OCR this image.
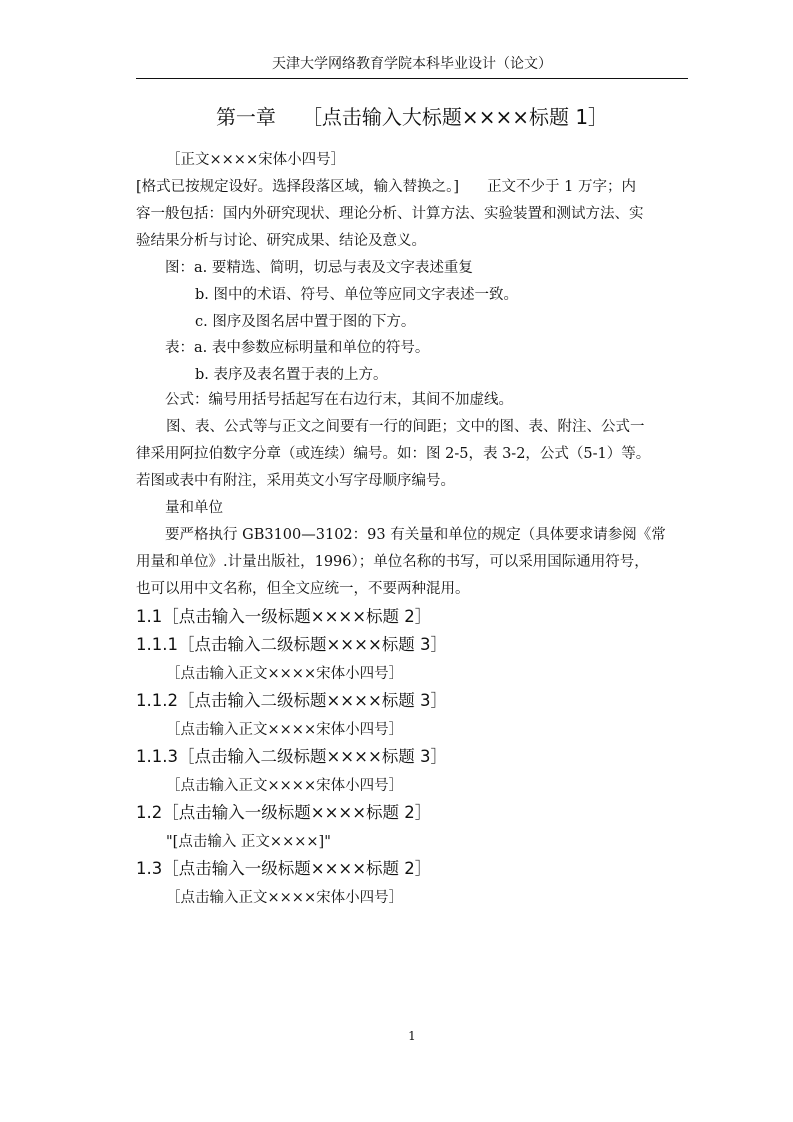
天津大学网络教育学院本科毕业设计（论文）
第一章 ［点击输入大标题××××标题 1］
［正文××××宋体小四号］
[格式已按规定设好。选择段落区域，输入替换之。] 正文不少于 1 万字；内
容一般包括：国内外研究现状、理论分析、计算方法、实验装置和测试方法、实
验结果分析与讨论、研究成果、结论及意义。
图：a. 要精选、简明，切忌与表及文字表述重复
b. 图中的术语、符号、单位等应同文字表述一致。
c. 图序及图名居中置于图的下方。
表：a. 表中参数应标明量和单位的符号。
b. 表序及表名置于表的上方。
公式：编号用括号括起写在右边行末，其间不加虚线。
图、表、公式等与正文之间要有一行的间距；文中的图、表、附注、公式一
律采用阿拉伯数字分章（或连续）编号。如：图 2-5，表 3-2，公式（5-1）等。
若图或表中有附注，采用英文小写字母顺序编号。
量和单位
要严格执行 GB3100—3102：93 有关量和单位的规定（具体要求请参阅《常
用量和单位》.计量出版社，1996）；单位名称的书写，可以采用国际通用符号，
也可以用中文名称，但全文应统一，不要两种混用。
1.1［点击输入一级标题××××标题 2］
1.1.1［点击输入二级标题××××标题 3］
［点击输入正文××××宋体小四号］
1.1.2［点击输入二级标题××××标题 3］
［点击输入正文××××宋体小四号］
1.1.3［点击输入二级标题××××标题 3］
［点击输入正文××××宋体小四号］
1.2［点击输入一级标题××××标题 2］
"[点击输入 正文××××]"
1.3［点击输入一级标题××××标题 2］
［点击输入正文××××宋体小四号］
1
